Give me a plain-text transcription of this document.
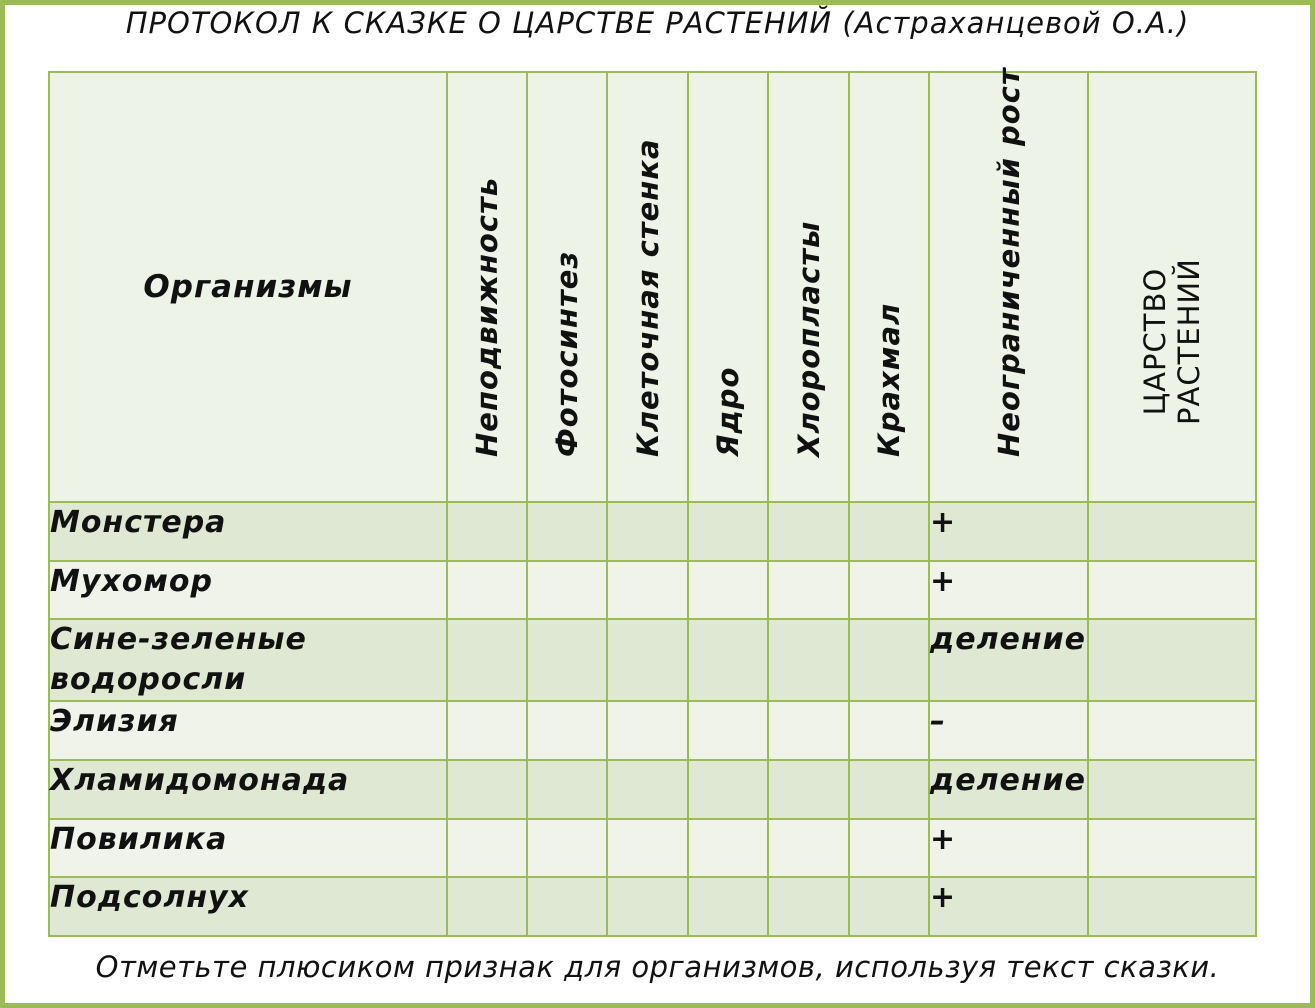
ПРОТОКОЛ К СКАЗКЕ О ЦАРСТВЕ РАСТЕНИЙ (Астраханцевой О.А.)
Организмы	Неподвижность	Фотосинтез	Клеточная стенка	Ядро	Хлоропласты	Крахмал	Неограниченный рост	ЦАРСТВО
РАСТЕНИЙ

Монстера							+	
Мухомор							+	
Сине-зеленые водоросли							деление	
Элизия							–	
Хламидомонада							деление	
Повилика							+	
Подсолнух							+	
Отметьте плюсиком признак для организмов, используя текст сказки.
